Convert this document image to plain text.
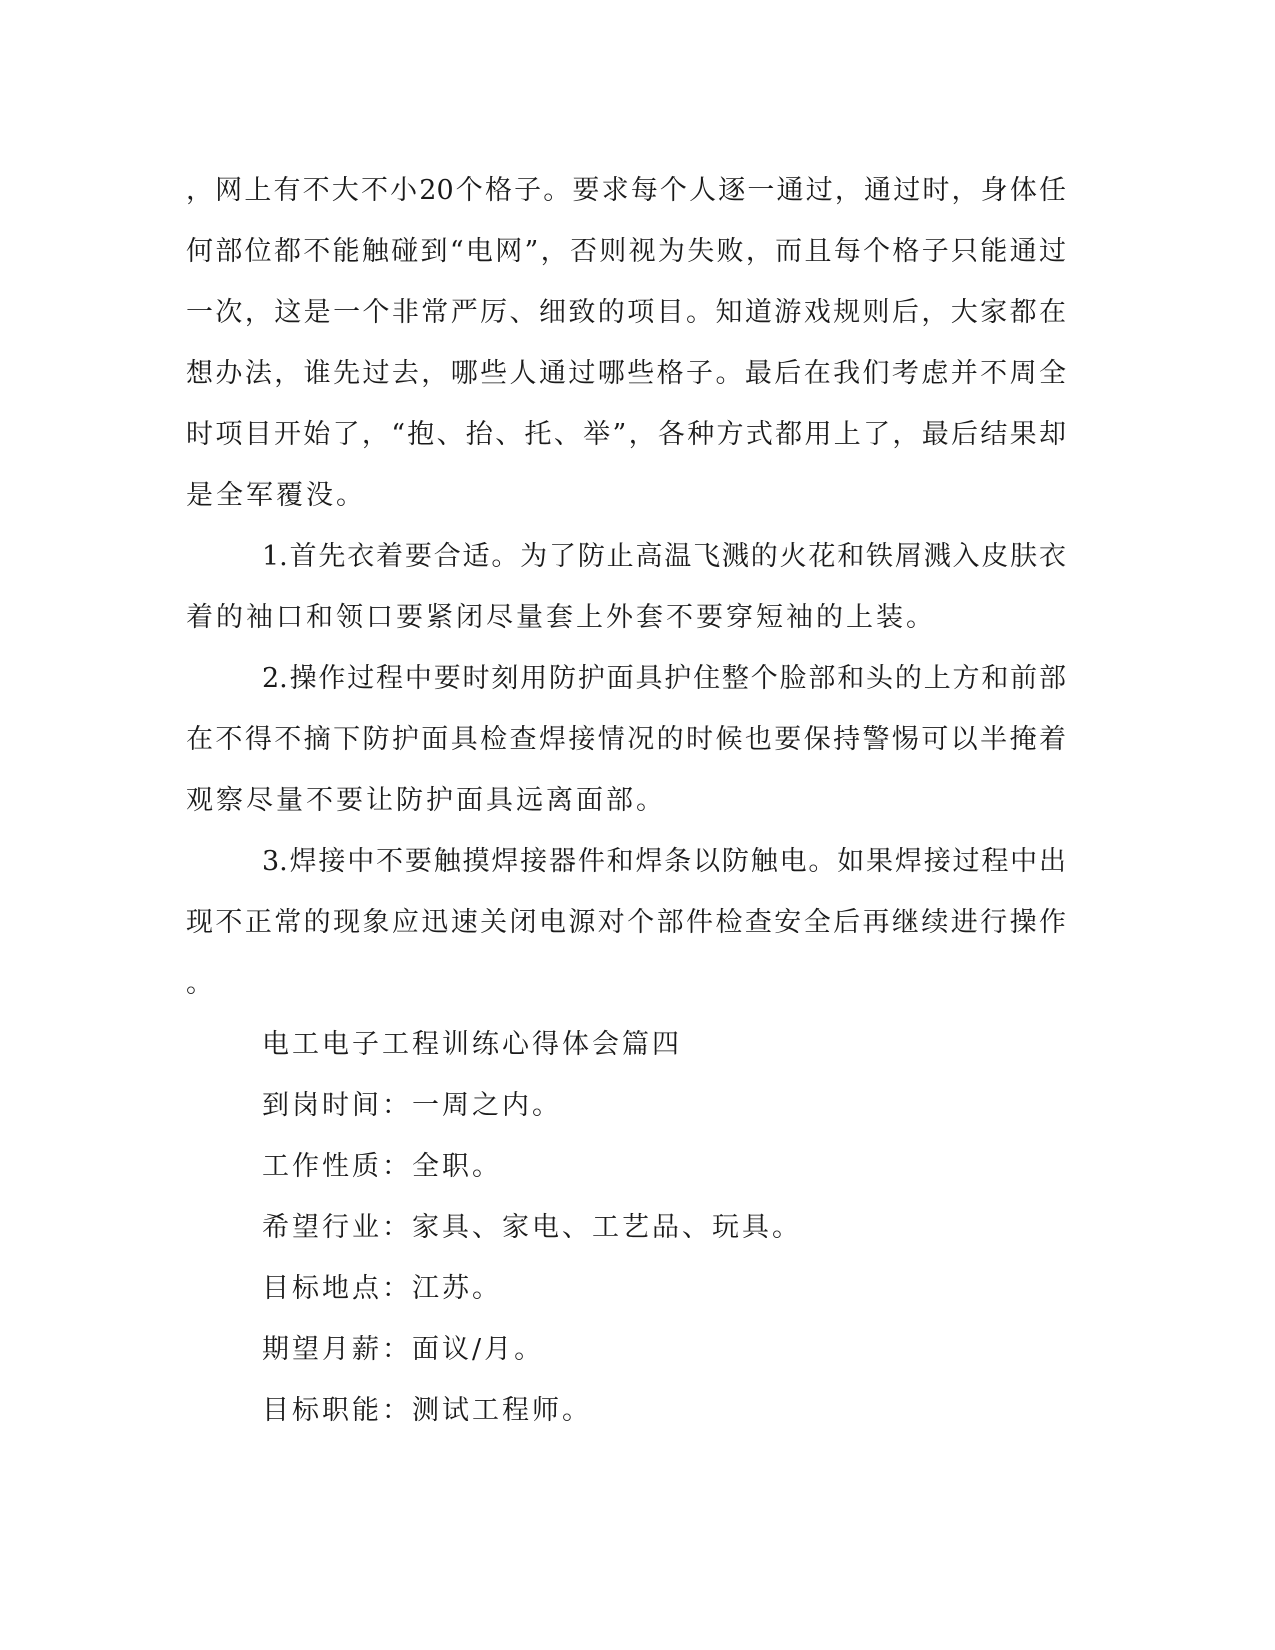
，网上有不大不小20个格子。要求每个人逐一通过，通过时，身体任
何部位都不能触碰到“电网”，否则视为失败，而且每个格子只能通过
一次，这是一个非常严厉、细致的项目。知道游戏规则后，大家都在
想办法，谁先过去，哪些人通过哪些格子。最后在我们考虑并不周全
时项目开始了，“抱、抬、托、举”，各种方式都用上了，最后结果却
是全军覆没。
1.首先衣着要合适。为了防止高温飞溅的火花和铁屑溅入皮肤衣
着的袖口和领口要紧闭尽量套上外套不要穿短袖的上装。
2.操作过程中要时刻用防护面具护住整个脸部和头的上方和前部
在不得不摘下防护面具检查焊接情况的时候也要保持警惕可以半掩着
观察尽量不要让防护面具远离面部。
3.焊接中不要触摸焊接器件和焊条以防触电。如果焊接过程中出
现不正常的现象应迅速关闭电源对个部件检查安全后再继续进行操作
。
电工电子工程训练心得体会篇四
到岗时间：一周之内。
工作性质：全职。
希望行业：家具、家电、工艺品、玩具。
目标地点：江苏。
期望月薪：面议/月。
目标职能：测试工程师。
